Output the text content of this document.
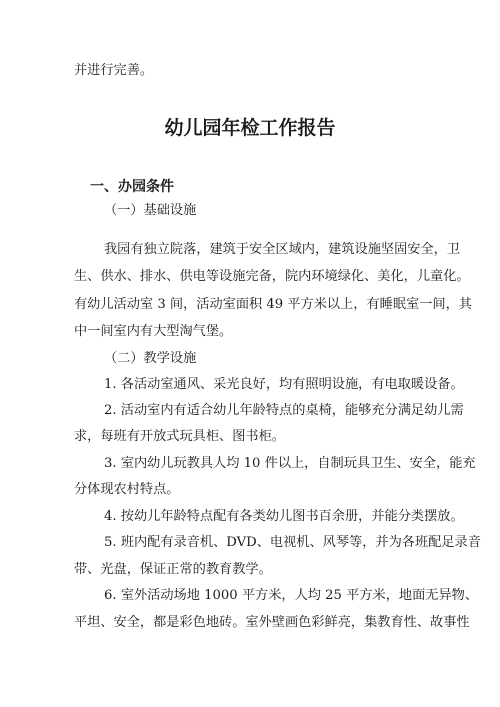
并进行完善。
幼儿园年检工作报告
一、办园条件
（一）基础设施
我园有独立院落，建筑于安全区域内，建筑设施坚固安全，卫
生、供水、排水、供电等设施完备，院内环境绿化、美化，儿童化。
有幼儿活动室 3 间，活动室面积 49 平方米以上，有睡眠室一间，其
中一间室内有大型淘气堡。
（二）教学设施
1. 各活动室通风、采光良好，均有照明设施，有电取暖设备。
2. 活动室内有适合幼儿年龄特点的桌椅，能够充分满足幼儿需
求，每班有开放式玩具柜、图书柜。
3. 室内幼儿玩教具人均 10 件以上，自制玩具卫生、安全，能充
分体现农村特点。
4. 按幼儿年龄特点配有各类幼儿图书百余册，并能分类摆放。
5. 班内配有录音机、DVD、电视机、风琴等，并为各班配足录音
带、光盘，保证正常的教育教学。
6. 室外活动场地 1000 平方米，人均 25 平方米，地面无异物、
平坦、安全，都是彩色地砖。室外壁画色彩鲜亮，集教育性、故事性
